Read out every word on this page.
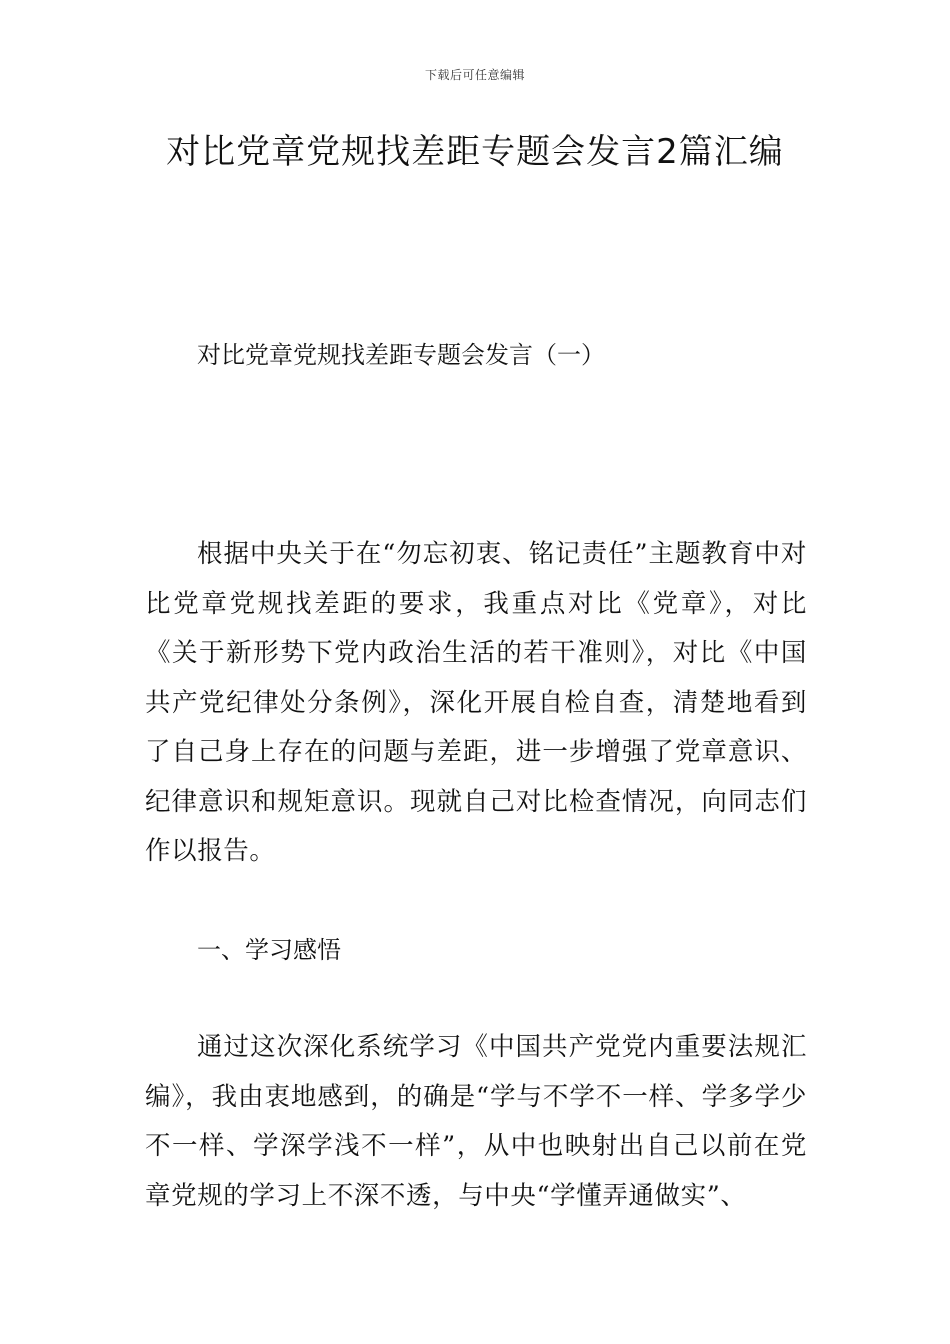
下载后可任意编辑
对比党章党规找差距专题会发言2篇汇编
对比党章党规找差距专题会发言（一）

根据中央关于在“勿忘初衷、铭记责任”主题教育中对比党章党规找差距的要求，我重点对比《党章》，对比《关于新形势下党内政治生活的若干准则》，对比《中国共产党纪律处分条例》，深化开展自检自查，清楚地看到了自己身上存在的问题与差距，进一步增强了党章意识、纪律意识和规矩意识。现就自己对比检查情况，向同志们作以报告。

一、学习感悟

通过这次深化系统学习《中国共产党党内重要法规汇编》，我由衷地感到，的确是“学与不学不一样、学多学少不一样、学深学浅不一样”，从中也映射出自己以前在党章党规的学习上不深不透，与中央“学懂弄通做实”、
